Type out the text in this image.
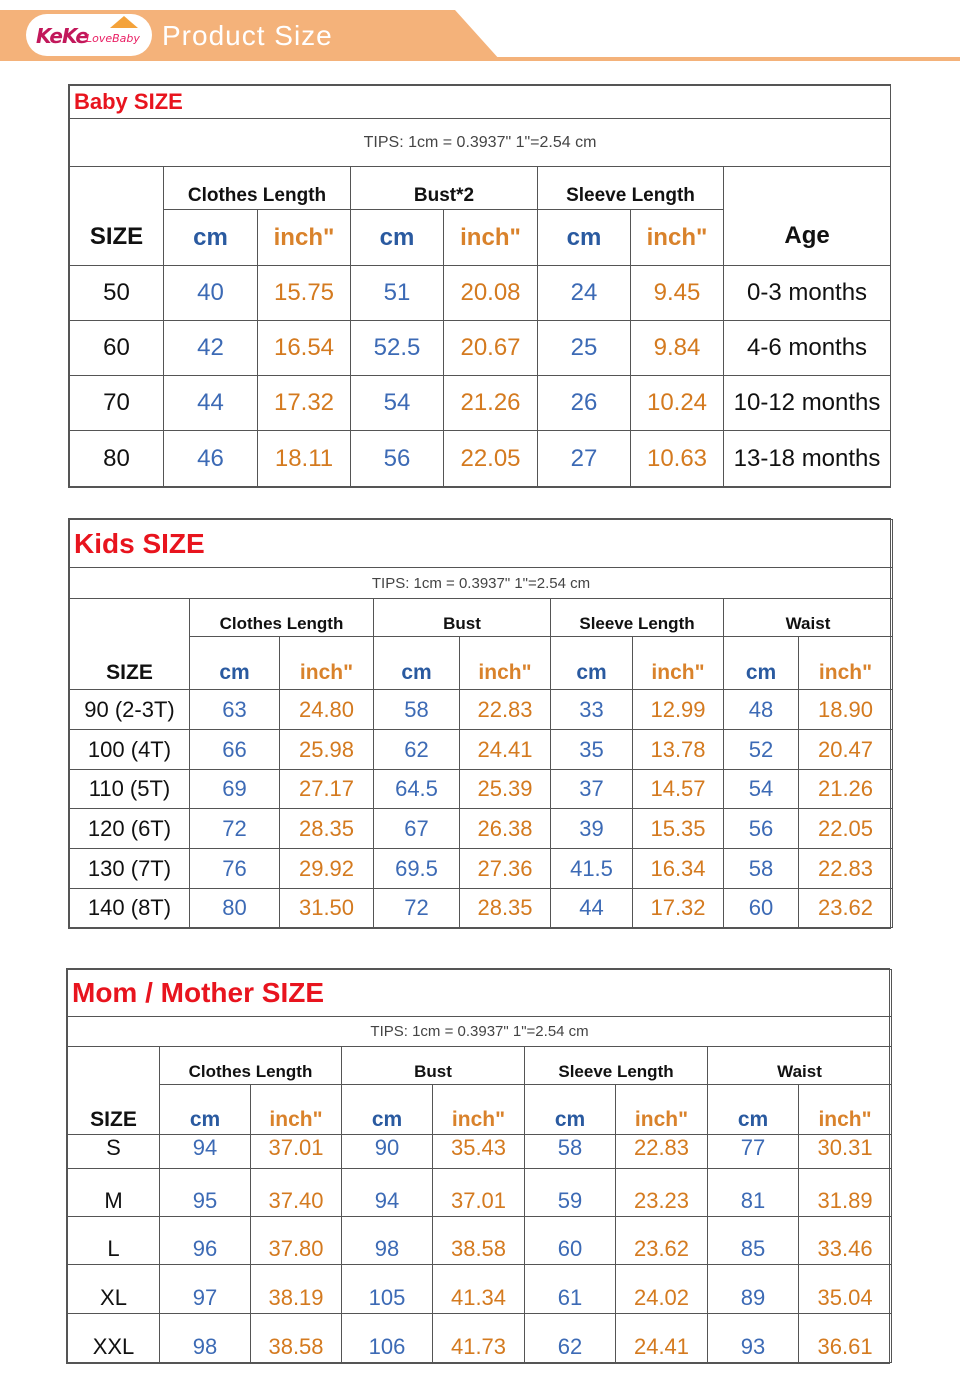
KeKe
LoveBaby Product Size
Baby SIZE							
TIPS: 1cm = 0.3937" 1"=2.54 cm							
	Clothes Length		Bust*2		Sleeve Length		
SIZE	cm	inch"	cm	inch"	cm	inch"	Age
50	40	15.75	51	20.08	24	9.45	0-3 months
60	42	16.54	52.5	20.67	25	9.84	4-6 months
70	44	17.32	54	21.26	26	10.24	10-12 months
80	46	18.11	56	22.05	27	10.63	13-18 months
Kids SIZE								
TIPS: 1cm = 0.3937" 1"=2.54 cm								
	Clothes Length		Bust		Sleeve Length		Waist	
SIZE	cm	inch"	cm	inch"	cm	inch"	cm	inch"
90 (2-3T)	63	24.80	58	22.83	33	12.99	48	18.90
100 (4T)	66	25.98	62	24.41	35	13.78	52	20.47
110 (5T)	69	27.17	64.5	25.39	37	14.57	54	21.26
120 (6T)	72	28.35	67	26.38	39	15.35	56	22.05
130 (7T)	76	29.92	69.5	27.36	41.5	16.34	58	22.83
140 (8T)	80	31.50	72	28.35	44	17.32	60	23.62
Mom / Mother SIZE								
TIPS: 1cm = 0.3937" 1"=2.54 cm								
	Clothes Length		Bust		Sleeve Length		Waist	
SIZE	cm	inch"	cm	inch"	cm	inch"	cm	inch"
S	94	37.01	90	35.43	58	22.83	77	30.31
M	95	37.40	94	37.01	59	23.23	81	31.89
L	96	37.80	98	38.58	60	23.62	85	33.46
XL	97	38.19	105	41.34	61	24.02	89	35.04
XXL	98	38.58	106	41.73	62	24.41	93	36.61
